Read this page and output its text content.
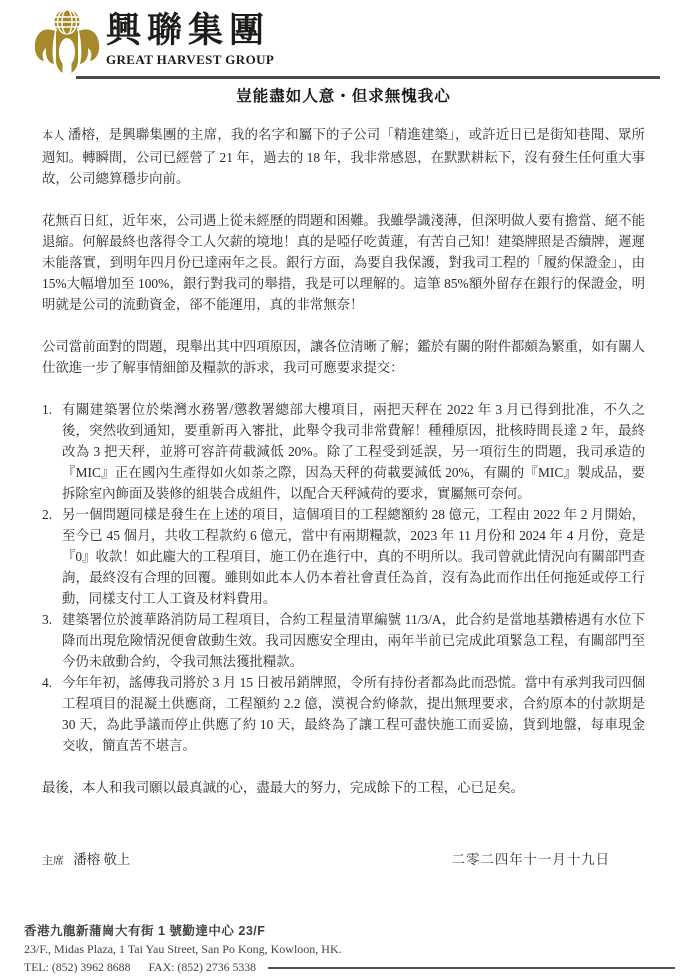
興聯集團
GREAT HARVEST GROUP
豈能盡如人意・但求無愧我心

本人 潘榕，是興聯集團的主席，我的名字和屬下的子公司「精進建築」，或許近日已是街知巷聞、眾所週知。轉瞬間，公司已經營了 21 年，過去的 18 年，我非常感恩，在默默耕耘下，沒有發生任何重大事故，公司總算穩步向前。

花無百日紅，近年來，公司遇上從未經歷的問題和困難。我雖學識淺薄，但深明做人要有擔當、絕不能退縮。何解最終也落得令工人欠薪的境地！真的是啞仔吃黃蓮，有苦自己知！建築牌照是否續牌，遲遲未能落實，到明年四月份已達兩年之長。銀行方面，為要自我保護，對我司工程的「履約保證金」，由 15%大幅增加至 100%，銀行對我司的舉措，我是可以理解的。這筆 85%額外留存在銀行的保證金，明明就是公司的流動資金，郤不能運用，真的非常無奈！

公司當前面對的問題，現舉出其中四項原因，讓各位清晰了解；鑑於有關的附件都頗為繁重，如有關人仕欲進一步了解事情細節及糧款的訴求，我司可應要求提交：

1. 有關建築署位於柴灣水務署/懲教署總部大樓項目，兩把天秤在 2022 年 3 月已得到批准，不久之後，突然收到通知，要重新再入審批，此舉令我司非常費解！種種原因，批核時間長達 2 年，最終改為 3 把天秤，並將可容許荷載減低 20%。除了工程受到延誤，另一項衍生的問題，我司承造的『MIC』正在國內生產得如火如荼之際，因為天秤的荷載要減低 20%，有關的『MIC』製成品，要拆除室內飾面及裝修的組裝合成組件，以配合天秤減荷的要求，實屬無可奈何。
2. 另一個問題同樣是發生在上述的項目，這個項目的工程總額約 28 億元，工程由 2022 年 2 月開始，至今已 45 個月，共收工程款約 6 億元，當中有兩期糧款，2023 年 11 月份和 2024 年 4 月份，竟是『0』收款！如此龐大的工程項目，施工仍在進行中，真的不明所以。我司曾就此情況向有關部門查詢，最終沒有合理的回覆。雖則如此本人仍本着社會責任為首，沒有為此而作出任何拖延或停工行動，同樣支付工人工資及材料費用。
3. 建築署位於渡華路消防局工程項目，合約工程量清單編號 11/3/A，此合約是當地基鑽樁遇有水位下降而出現危險情況便會啟動生效。我司因應安全理由，兩年半前已完成此項緊急工程，有關部門至今仍未啟動合約，令我司無法獲批糧款。
4. 今年年初，謠傳我司將於 3 月 15 日被吊銷牌照，令所有持份者都為此而恐慌。當中有承判我司四個工程項目的混凝土供應商，工程額約 2.2 億，漠視合約條款，提出無理要求，合約原本的付款期是 30 天，為此爭議而停止供應了約 10 天，最終為了讓工程可盡快施工而妥協，貨到地盤，每車現金交收，簡直苦不堪言。

最後，本人和我司願以最真誠的心，盡最大的努力，完成餘下的工程，心已足矣。

主席 潘榕 敬上	二零二四年十一月十九日
香港九龍新蒲崗大有街 1 號勤達中心 23/F
23/F., Midas Plaza, 1 Tai Yau Street, San Po Kong, Kowloon, HK.
TEL: (852) 3962 8688 FAX: (852) 2736 5338
